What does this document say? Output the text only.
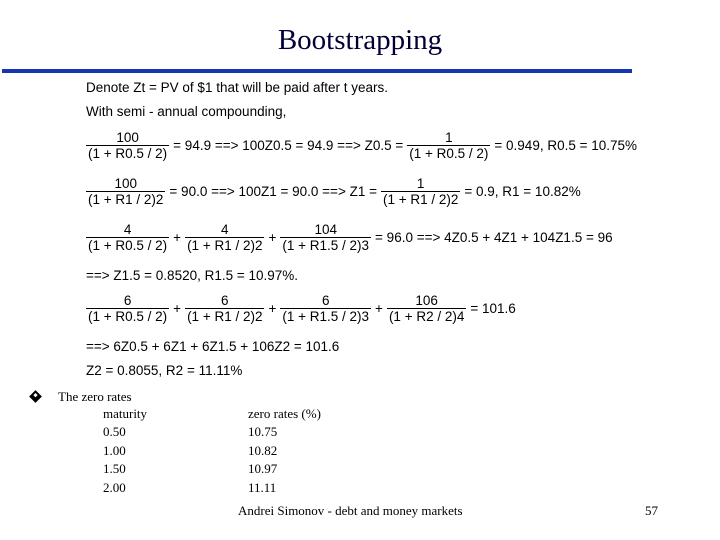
Bootstrapping
Denote Zt = PV of $1 that will be paid after t years.
With semi - annual compounding,
$\frac{100}{(1 + R0.5 / 2)} = 94.9$ ==> 100Z0.5 = 94.9 ==> $Z0.5 = \frac{1}{(1 + R0.5 / 2)} = 0.949$, R0.5 = 10.75%
$\frac{100}{(1 + R1 / 2)2} = 90.0$ ==> 100Z1 = 90.0 ==> $Z1 = \frac{1}{(1 + R1 / 2)2} = 0.9$, R1 = 10.82%
$\frac{4}{(1 + R0.5 / 2)} + \frac{4}{(1 + R1 / 2)2} + \frac{104}{(1 + R1.5 / 2)3} = 96.0$ ==> 4Z0.5 + 4Z1 + 104Z1.5 = 96
==> Z1.5 = 0.8520, R1.5 = 10.97%.
$\frac{6}{(1 + R0.5 / 2)} + \frac{6}{(1 + R1 / 2)2} + \frac{6}{(1 + R1.5 / 2)3} + \frac{106}{(1 + R2 / 2)4} = 101.6$
==> 6Z0.5 + 6Z1 + 6Z1.5 + 106Z2 = 101.6
Z2 = 0.8055, R2 = 11.11%
The zero rates
maturity
0.50
1.00
1.50
2.00
zero rates (%)
10.75
10.82
10.97
11.11
Andrei Simonov - debt and money markets	57
